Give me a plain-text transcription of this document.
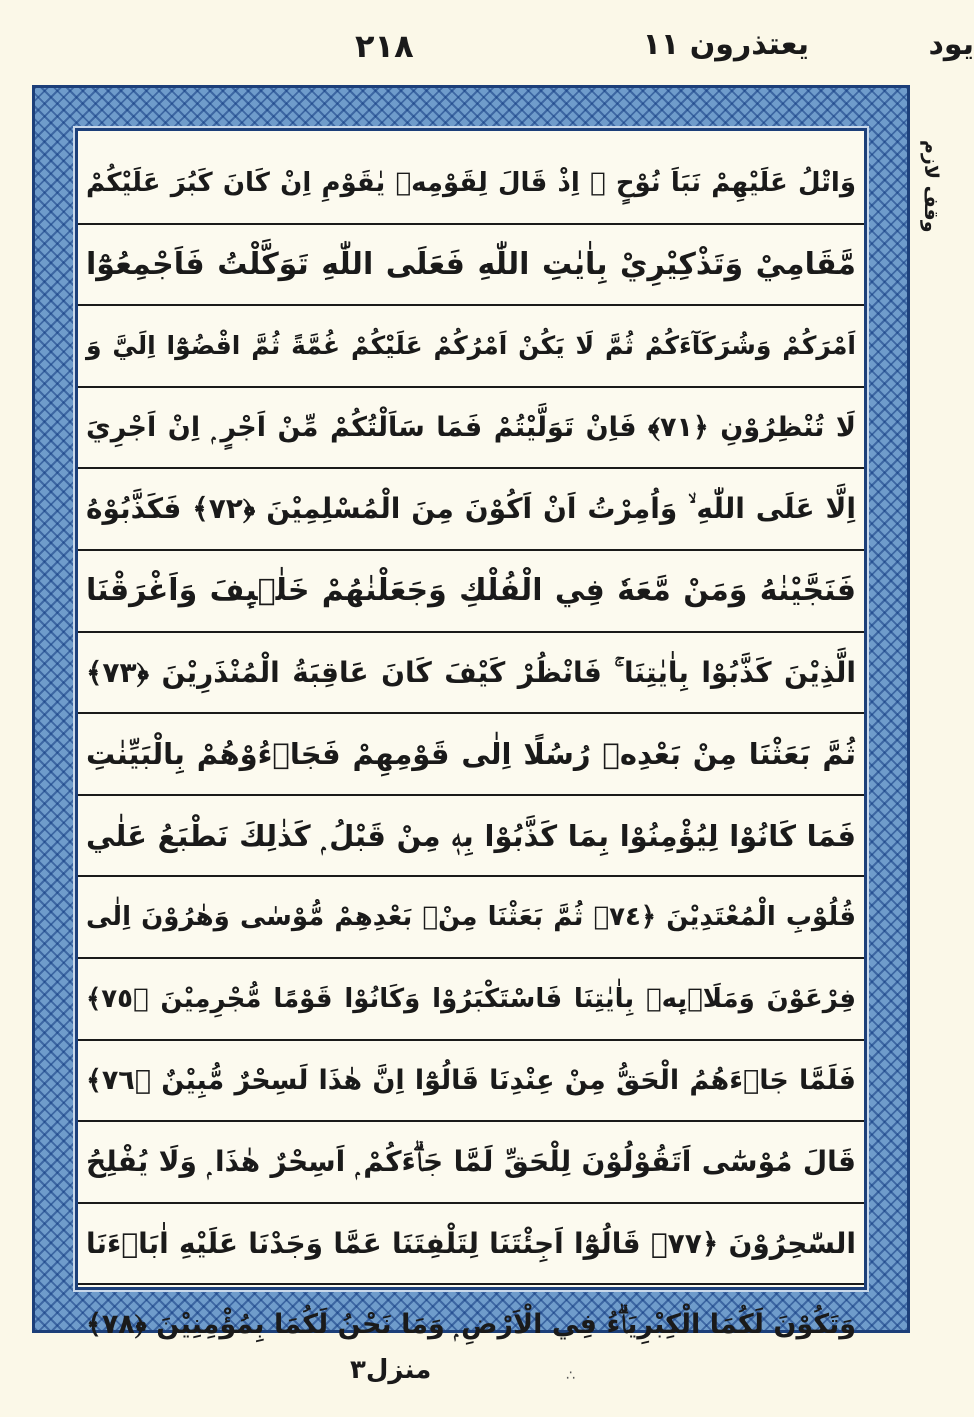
يعتذرون ١١
٢١٨	يود
وقف لازم
وَاتْلُ عَلَيْهِمْ نَبَاَ نُوْحٍ ۘ اِذْ قَالَ لِقَوْمِهٖ يٰقَوْمِ اِنْ كَانَ كَبُرَ عَلَيْكُمْ
مَّقَامِيْ وَتَذْكِيْرِيْ بِاٰيٰتِ اللّٰهِ فَعَلَى اللّٰهِ تَوَكَّلْتُ فَاَجْمِعُوْٓا
اَمْرَكُمْ وَشُرَكَآءَكُمْ ثُمَّ لَا يَكُنْ اَمْرُكُمْ عَلَيْكُمْ غُمَّةً ثُمَّ اقْضُوْٓا اِلَيَّ وَ
لَا تُنْظِرُوْنِ ﴿٧١﴾ فَاِنْ تَوَلَّيْتُمْ فَمَا سَاَلْتُكُمْ مِّنْ اَجْرٍ ۭ اِنْ اَجْرِيَ
اِلَّا عَلَى اللّٰهِ ۙ وَاُمِرْتُ اَنْ اَكُوْنَ مِنَ الْمُسْلِمِيْنَ ﴿٧٢﴾ فَكَذَّبُوْهُ
فَنَجَّيْنٰهُ وَمَنْ مَّعَهٗ فِي الْفُلْكِ وَجَعَلْنٰهُمْ خَلٰۗىِٕفَ وَاَغْرَقْنَا
الَّذِيْنَ كَذَّبُوْا بِاٰيٰتِنَا ۚ فَانْظُرْ كَيْفَ كَانَ عَاقِبَةُ الْمُنْذَرِيْنَ ﴿٧٣﴾
ثُمَّ بَعَثْنَا مِنْ بَعْدِهٖ رُسُلًا اِلٰى قَوْمِهِمْ فَجَاۗءُوْهُمْ بِالْبَيِّنٰتِ
فَمَا كَانُوْا لِيُؤْمِنُوْا بِمَا كَذَّبُوْا بِهٖ مِنْ قَبْلُ ۭ كَذٰلِكَ نَطْبَعُ عَلٰي
قُلُوْبِ الْمُعْتَدِيْنَ ﴿٧٤﴾ ثُمَّ بَعَثْنَا مِنْۢ بَعْدِهِمْ مُّوْسٰى وَهٰرُوْنَ اِلٰى
فِرْعَوْنَ وَمَلَا۟ىِٕهٖ بِاٰيٰتِنَا فَاسْتَكْبَرُوْا وَكَانُوْا قَوْمًا مُّجْرِمِيْنَ ﴿٧٥﴾
فَلَمَّا جَاۗءَهُمُ الْحَقُّ مِنْ عِنْدِنَا قَالُوْٓا اِنَّ هٰذَا لَسِحْرٌ مُّبِيْنٌ ﴿٧٦﴾
قَالَ مُوْسٰٓى اَتَقُوْلُوْنَ لِلْحَقِّ لَمَّا جَاۗءَكُمْ ۭ اَسِحْرٌ هٰذَا ۭ وَلَا يُفْلِحُ
السّٰحِرُوْنَ ﴿٧٧﴾ قَالُوْٓا اَجِئْتَنَا لِتَلْفِتَنَا عَمَّا وَجَدْنَا عَلَيْهِ اٰبَاۗءَنَا
وَتَكُوْنَ لَكُمَا الْكِبْرِيَاۗءُ فِي الْاَرْضِ ۭ وَمَا نَحْنُ لَكُمَا بِمُؤْمِنِيْنَ ﴿٧٨﴾
منزل۳	∴
